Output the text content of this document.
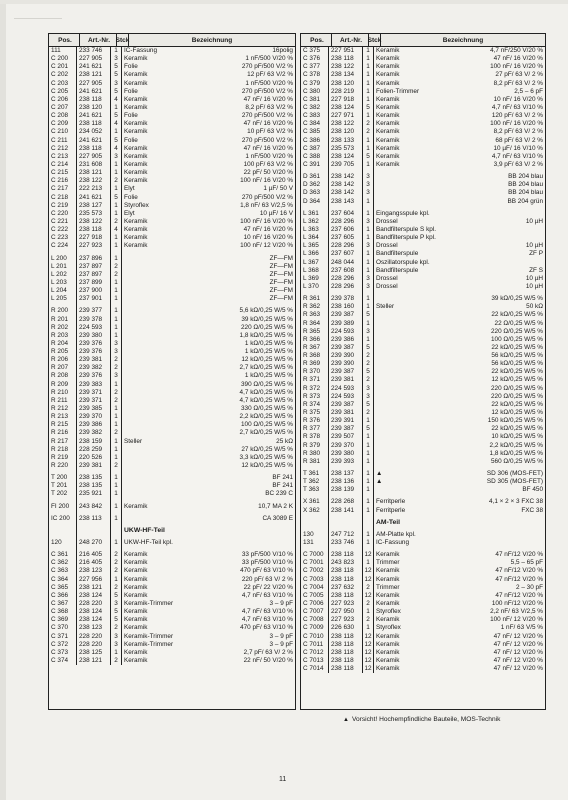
Pos.	Art.-Nr. Stck	Bezeichnung
111	233 746	1 IC-Fassung	16polig
C 200	227 905	3 Keramik	1 nF/500 V/20 %
C 201	241 621	5 Folie	270 pF/500 V/2 %
C 202	238 121	5 Keramik	12 pF/ 63 V/2 %
C 203	227 905	3 Keramik	1 nF/500 V/20 %
C 205	241 621	5 Folie	270 pF/500 V/2 %
C 206	238 118	4 Keramik	47 nF/ 16 V/20 %
C 207	238 120	1 Keramik	8,2 pF/ 63 V/2 %
C 208	241 621	5 Folie	270 pF/500 V/2 %
C 209	238 118	4 Keramik	47 nF/ 16 V/20 %
C 210	234 052	1 Keramik	10 pF/ 63 V/2 %
C 211	241 621	5 Folie	270 pF/500 V/2 %
C 212	238 118	4 Keramik	47 nF/ 16 V/20 %
C 213	227 905	3 Keramik	1 nF/500 V/20 %
C 214	231 608	1 Keramik	100 pF/ 63 V/2 %
C 215	238 121	1 Keramik	22 pF/ 50 V/20 %
C 216	238 122	2 Keramik	100 nF/ 16 V/20 %
C 217	222 213	1 Elyt	1 µF/ 50 V
C 218	241 621	5 Folie	270 pF/500 V/2 %
C 219	238 127	1 Styroflex	1,8 nF/ 63 V/2,5 %
C 220	235 573	1 Elyt	10 µF/ 16 V
C 221	238 122	2 Keramik	100 nF/ 16 V/20 %
C 222	238 118	4 Keramik	47 nF/ 16 V/20 %
C 223	227 918	1 Keramik	10 nF/ 16 V/20 %
C 224	227 923	1 Keramik	100 nF/ 12 V/20 %
L 200	237 896	1	ZF—FM
L 201	237 897	2	ZF—FM
L 202	237 897	2	ZF—FM
L 203	237 899	1	ZF—FM
L 204	237 900	1	ZF—FM
L 205	237 901	1	ZF—FM
R 200	239 377	1	5,6 kΩ/0,25 W/5 %
R 201	239 378	1	39 kΩ/0,25 W/5 %
R 202	224 593	1	220 Ω/0,25 W/5 %
R 203	239 380	1	1,8 kΩ/0,25 W/5 %
R 204	239 376	3	1 kΩ/0,25 W/5 %
R 205	239 376	3	1 kΩ/0,25 W/5 %
R 206	239 381	2	12 kΩ/0,25 W/5 %
R 207	239 382	2	2,7 kΩ/0,25 W/5 %
R 208	239 376	3	1 kΩ/0,25 W/5 %
R 209	239 383	1	390 Ω/0,25 W/5 %
R 210	239 371	2	4,7 kΩ/0,25 W/5 %
R 211	239 371	2	4,7 kΩ/0,25 W/5 %
R 212	239 385	1	330 Ω/0,25 W/5 %
R 213	239 370	1	2,2 kΩ/0,25 W/5 %
R 215	239 386	1	100 Ω/0,25 W/5 %
R 216	239 382	2	2,7 kΩ/0,25 W/5 %
R 217	238 159	1 Steller	25 kΩ
R 218	228 259	1	27 kΩ/0,25 W/5 %
R 219	220 526	1	3,3 kΩ/0,25 W/5 %
R 220	239 381	2	12 kΩ/0,25 W/5 %
T 200	238 135	1	BF 241
T 201	238 135	1	BF 241
T 202	235 921	1	BC 239 C
FI 200	243 842	1 Keramik	10,7 MA 2 K
IC 200	238 113	1	CA 3089 E
UKW-HF-Teil
120	248 270	1 UKW-HF-Teil kpl.
C 361	216 405	2 Keramik	33 pF/500 V/10 %
C 362	216 405	2 Keramik	33 pF/500 V/10 %
C 363	238 123	2 Keramik	470 pF/ 63 V/10 %
C 364	227 956	1 Keramik	220 pF/ 63 V/ 2 %
C 365	238 121	2 Keramik	22 pF/ 22 V/20 %
C 366	238 124	5 Keramik	4,7 nF/ 63 V/10 %
C 367	228 220	3 Keramik-Trimmer	3 – 9 pF
C 368	238 124	5 Keramik	4,7 nF/ 63 V/10 %
C 369	238 124	5 Keramik	4,7 nF/ 63 V/10 %
C 370	238 123	2 Keramik	470 pF/ 63 V/10 %
C 371	228 220	3 Keramik-Trimmer	3 – 9 pF
C 372	228 220	3 Keramik-Trimmer	3 – 9 pF
C 373	238 125	1 Keramik	2,7 pF/ 63 V/ 2 %
C 374	238 121	2 Keramik	22 nF/ 50 V/20 %
Pos.	Art.-Nr. Stck	Bezeichnung
C 375	227 951	1 Keramik	4,7 nF/250 V/20 %
C 376	238 118	1 Keramik	47 nF/ 16 V/20 %
C 377	238 122	1 Keramik	100 nF/ 16 V/20 %
C 378	238 134	1 Keramik	27 pF/ 63 V/ 2 %
C 379	238 120	1 Keramik	8,2 pF/ 63 V/ 2 %
C 380	228 219	1 Folien-Trimmer	2,5 – 6 pF
C 381	227 918	1 Keramik	10 nF/ 16 V/20 %
C 382	238 124	5 Keramik	4,7 nF/ 63 V/10 %
C 383	227 971	1 Keramik	120 pF/ 63 V/ 2 %
C 384	238 122	2 Keramik	100 nF/ 16 V/20 %
C 385	238 120	2 Keramik	8,2 pF/ 63 V/ 2 %
C 386	238 133	1 Keramik	68 pF/ 63 V/ 2 %
C 387	235 573	1 Keramik	10 µF/ 16 V/10 %
C 388	238 124	5 Keramik	4,7 nF/ 63 V/10 %
C 391	239 705	1 Keramik	3,9 pF/ 63 V/ 2 %
D 361	238 142	3	BB 204 blau
D 362	238 142	3	BB 204 blau
D 363	238 142	3	BB 204 blau
D 364	238 143	1	BB 204 grün
L 361	237 604	1 Eingangsspule kpl.
L 362	228 296	3 Drossel	10 µH
L 363	237 606	1 Bandfilterspule S kpl.
L 364	237 605	1 Bandfilterspule P kpl.
L 365	228 296	3 Drossel	10 µH
L 366	237 607	1 Bandfilterspule	ZF P
L 367	248 044	1 Oszillatorspule kpl.
L 368	237 608	1 Bandfilterspule	ZF S
L 369	228 296	3 Drossel	10 µH
L 370	228 296	3 Drossel	10 µH
R 361	239 378	1	39 kΩ/0,25 W/5 %
R 362	238 160	1 Steller	50 kΩ
R 363	239 387	5	22 kΩ/0,25 W/5 %
R 364	239 389	1	22 Ω/0,25 W/5 %
R 365	224 593	3	220 Ω/0,25 W/5 %
R 366	239 386	1	100 Ω/0,25 W/5 %
R 367	239 387	5	22 kΩ/0,25 W/5 %
R 368	239 390	2	56 kΩ/0,25 W/5 %
R 369	239 390	2	56 kΩ/0,25 W/5 %
R 370	239 387	5	22 kΩ/0,25 W/5 %
R 371	239 381	2	12 kΩ/0,25 W/5 %
R 372	224 593	3	220 Ω/0,25 W/5 %
R 373	224 593	3	220 Ω/0,25 W/5 %
R 374	239 387	5	22 kΩ/0,25 W/5 %
R 375	239 381	2	12 kΩ/0,25 W/5 %
R 376	239 391	1	150 kΩ/0,25 W/5 %
R 377	239 387	5	22 kΩ/0,25 W/5 %
R 378	239 507	1	10 kΩ/0,25 W/5 %
R 379	239 370	1	2,2 kΩ/0,25 W/5 %
R 380	239 380	1	1,8 kΩ/0,25 W/5 %
R 381	239 393	1	560 Ω/0,25 W/5 %
T 361	238 137	1 ▲	SD 306 (MOS-FET)
T 362	238 136	1 ▲	SD 305 (MOS-FET)
T 363	238 139	1	BF 450
X 361	228 268	1 Ferritperle	4,1 × 2 × 3 FXC 38
X 362	238 141	1 Ferritperle	FXC 38
AM-Teil
130	247 712	1 AM-Platte kpl.
131	233 746	1 IC-Fassung
C 7000	238 118	12 Keramik	47 nF/12 V/20 %
C 7001	243 823	1 Trimmer	5,5 – 65 pF
C 7002	238 118	12 Keramik	47 nF/12 V/20 %
C 7003	238 118	12 Keramik	47 nF/12 V/20 %
C 7004	237 632	2 Trimmer	2 – 30 pF
C 7005	238 118	12 Keramik	47 nF/12 V/20 %
C 7006	227 923	2 Keramik	100 nF/12 V/20 %
C 7007	227 950	1 Styroflex	2,2 nF/ 63 V/2,5 %
C 7008	227 923	2 Keramik	100 nF/ 12 V/20 %
C 7009	226 630	1 Styroflex	1 nF/ 63 V/5 %
C 7010	238 118	12 Keramik	47 nF/ 12 V/20 %
C 7011	238 118	12 Keramik	47 nF/ 12 V/20 %
C 7012	238 118	12 Keramik	47 nF/ 12 V/20 %
C 7013	238 118	12 Keramik	47 nF/ 12 V/20 %
C 7014	238 118	12 Keramik	47 nF/ 12 V/20 %
▲ Vorsicht! Hochempfindliche Bauteile, MOS-Technik
11
